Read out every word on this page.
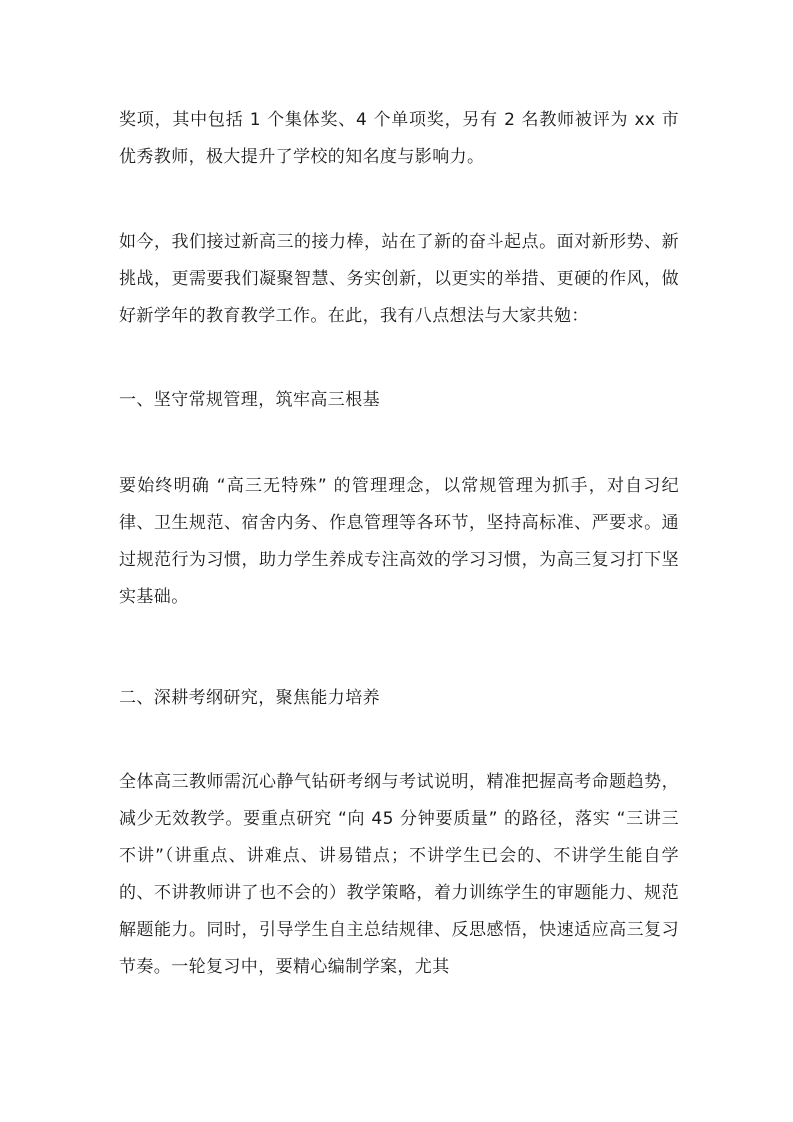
奖项，其中包括 1 个集体奖、4 个单项奖，另有 2 名教师被评为 xx 市优秀教师，极大提升了学校的知名度与影响力。

如今，我们接过新高三的接力棒，站在了新的奋斗起点。面对新形势、新挑战，更需要我们凝聚智慧、务实创新，以更实的举措、更硬的作风，做好新学年的教育教学工作。在此，我有八点想法与大家共勉：

一、坚守常规管理，筑牢高三根基

要始终明确 “高三无特殊” 的管理理念，以常规管理为抓手，对自习纪律、卫生规范、宿舍内务、作息管理等各环节，坚持高标准、严要求。通过规范行为习惯，助力学生养成专注高效的学习习惯，为高三复习打下坚实基础。

二、深耕考纲研究，聚焦能力培养

全体高三教师需沉心静气钻研考纲与考试说明，精准把握高考命题趋势，减少无效教学。要重点研究 “向 45 分钟要质量” 的路径，落实 “三讲三不讲”（讲重点、讲难点、讲易错点；不讲学生已会的、不讲学生能自学的、不讲教师讲了也不会的）教学策略，着力训练学生的审题能力、规范解题能力。同时，引导学生自主总结规律、反思感悟，快速适应高三复习节奏。一轮复习中，要精心编制学案，尤其
